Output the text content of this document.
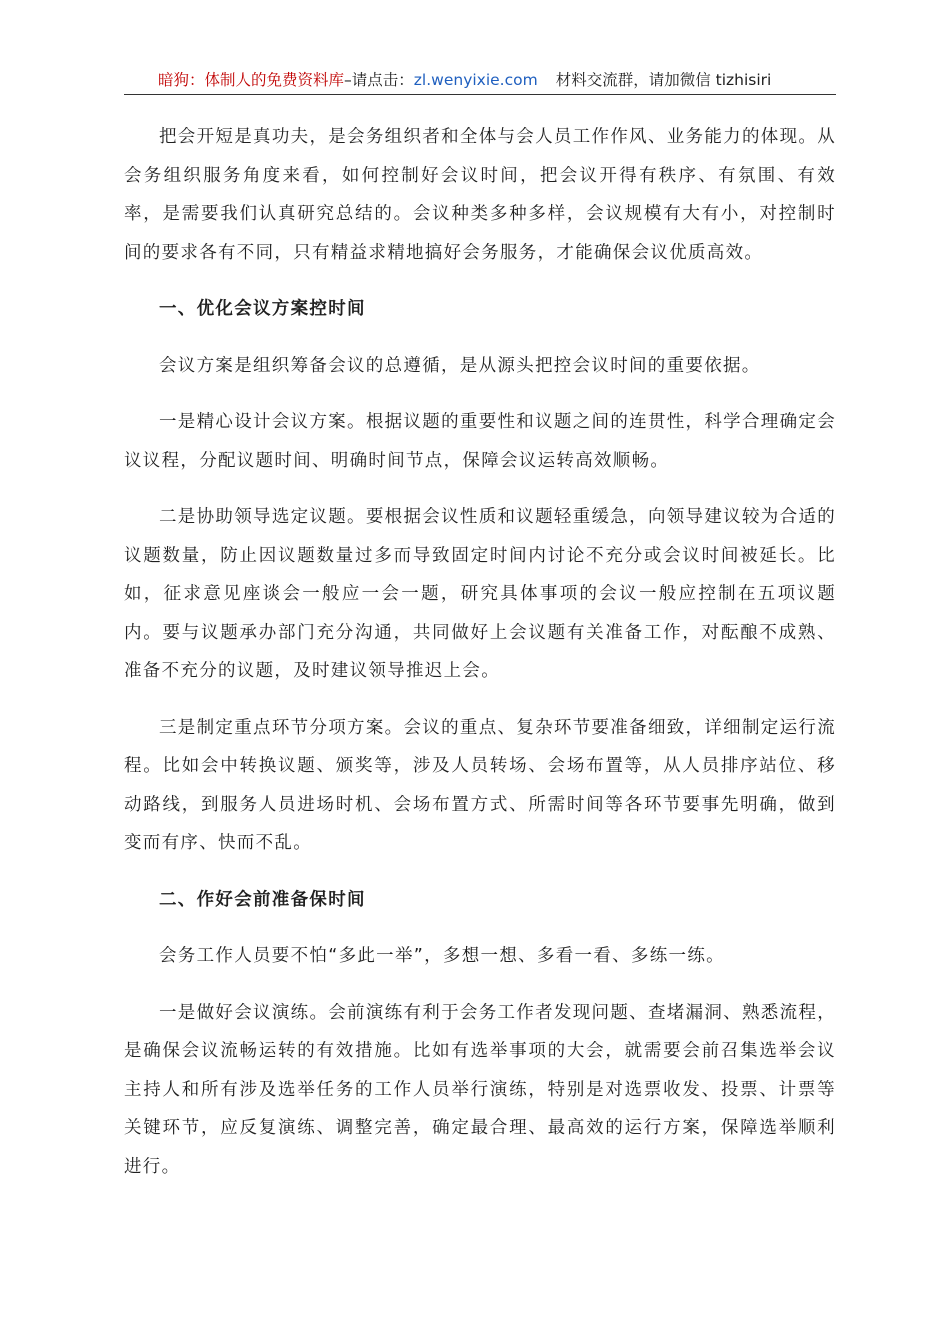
暗狗：体制人的免费资料库–请点击：zl.wenyixie.com 材料交流群，请加微信 tizhisiri

把会开短是真功夫，是会务组织者和全体与会人员工作作风、业务能力的体现。从会务组织服务角度来看，如何控制好会议时间，把会议开得有秩序、有氛围、有效率，是需要我们认真研究总结的。会议种类多种多样，会议规模有大有小，对控制时间的要求各有不同，只有精益求精地搞好会务服务，才能确保会议优质高效。

一、优化会议方案控时间

会议方案是组织筹备会议的总遵循，是从源头把控会议时间的重要依据。

一是精心设计会议方案。根据议题的重要性和议题之间的连贯性，科学合理确定会议议程，分配议题时间、明确时间节点，保障会议运转高效顺畅。

二是协助领导选定议题。要根据会议性质和议题轻重缓急，向领导建议较为合适的议题数量，防止因议题数量过多而导致固定时间内讨论不充分或会议时间被延长。比如，征求意见座谈会一般应一会一题，研究具体事项的会议一般应控制在五项议题内。要与议题承办部门充分沟通，共同做好上会议题有关准备工作，对酝酿不成熟、准备不充分的议题，及时建议领导推迟上会。

三是制定重点环节分项方案。会议的重点、复杂环节要准备细致，详细制定运行流程。比如会中转换议题、颁奖等，涉及人员转场、会场布置等，从人员排序站位、移动路线，到服务人员进场时机、会场布置方式、所需时间等各环节要事先明确，做到变而有序、快而不乱。

二、作好会前准备保时间

会务工作人员要不怕“多此一举”，多想一想、多看一看、多练一练。

一是做好会议演练。会前演练有利于会务工作者发现问题、查堵漏洞、熟悉流程，是确保会议流畅运转的有效措施。比如有选举事项的大会，就需要会前召集选举会议主持人和所有涉及选举任务的工作人员举行演练，特别是对选票收发、投票、计票等关键环节，应反复演练、调整完善，确定最合理、最高效的运行方案，保障选举顺利进行。
